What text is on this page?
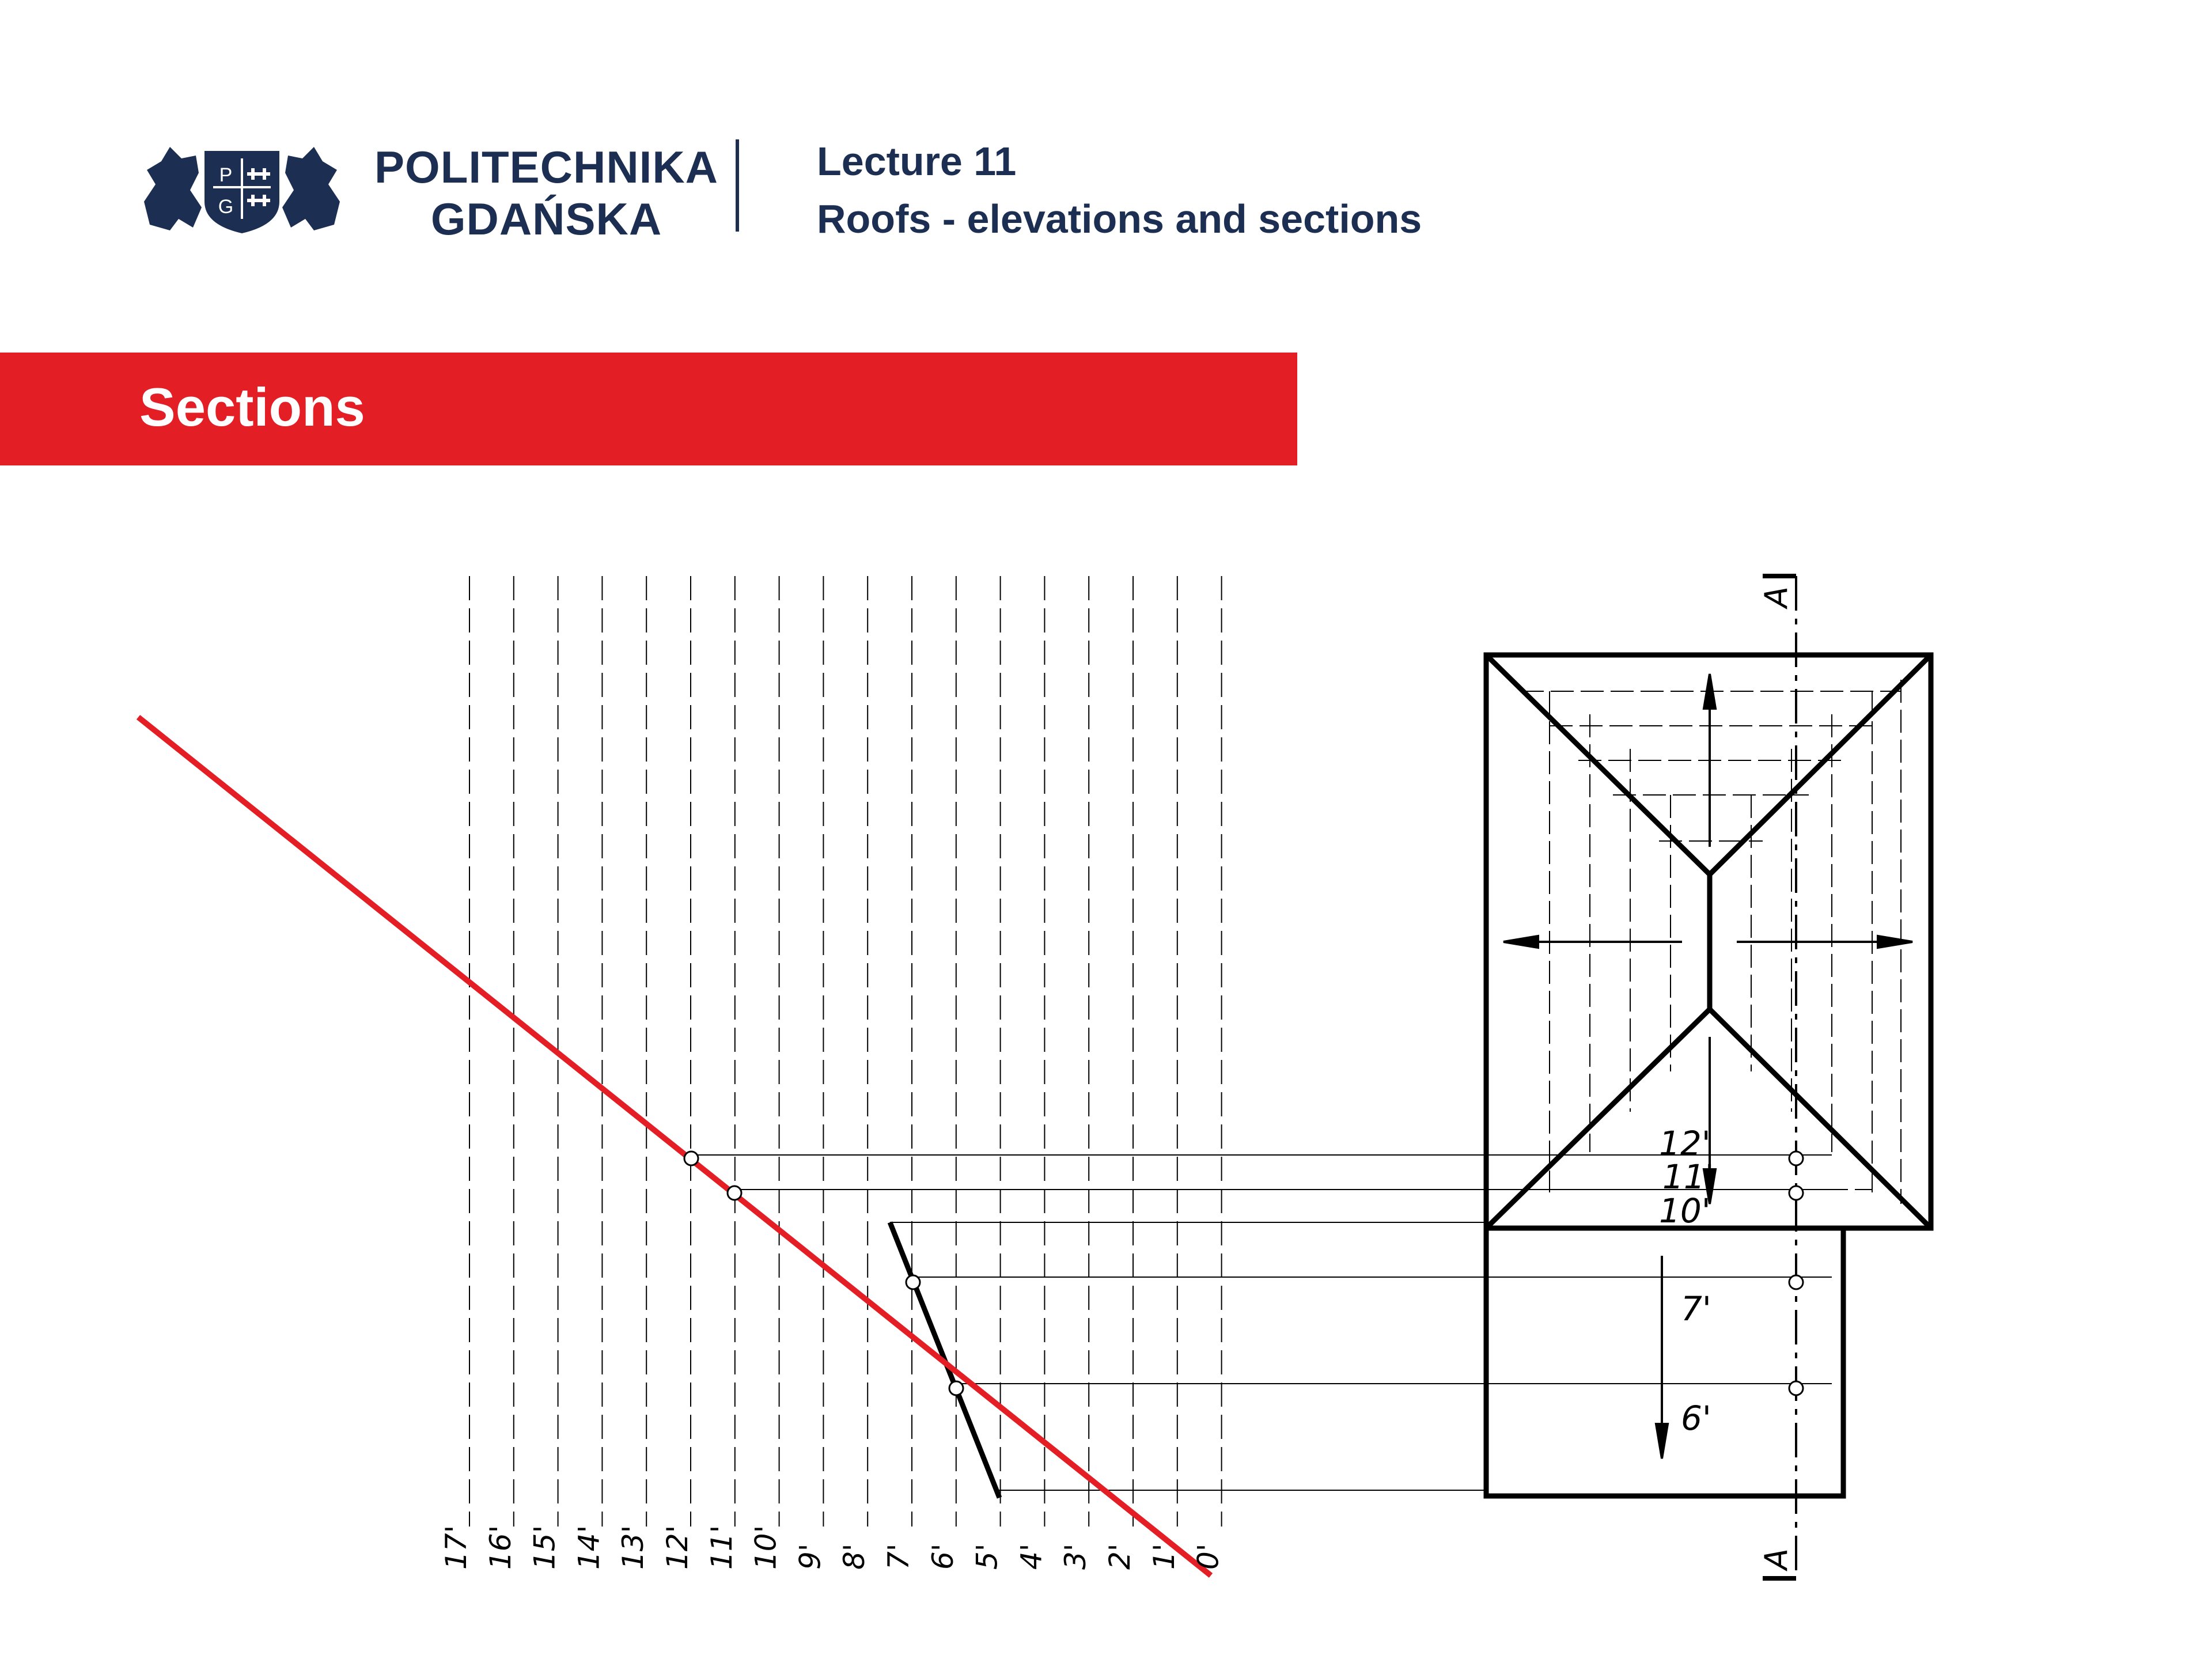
P
G
POLITECHNIKA
GDAŃSKA
Lecture 11
Roofs - elevations and sections
Sections
A
A
12'
11'
10'
7'
6'
17' 16' 15' 14' 13' 12' 11' 10' 9' 8' 7' 6' 5' 4' 3' 2' 1' 0'
